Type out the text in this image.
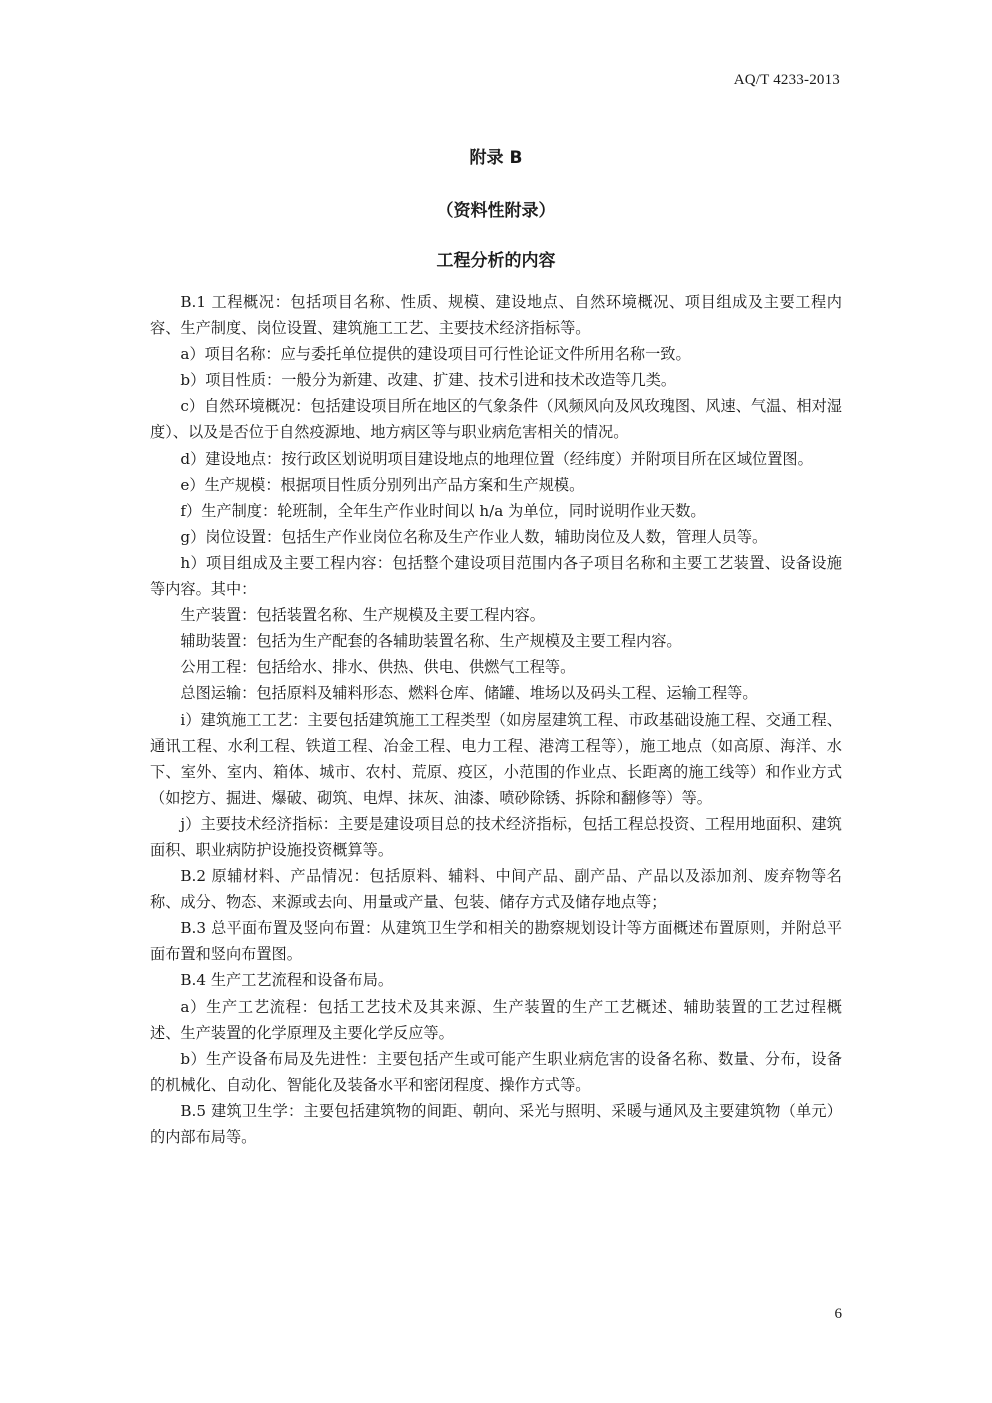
AQ/T 4233-2013
附录 B
（资料性附录）
工程分析的内容

B.1 工程概况：包括项目名称、性质、规模、建设地点、自然环境概况、项目组成及主要工程内容、生产制度、岗位设置、建筑施工工艺、主要技术经济指标等。

a）项目名称：应与委托单位提供的建设项目可行性论证文件所用名称一致。

b）项目性质：一般分为新建、改建、扩建、技术引进和技术改造等几类。

c）自然环境概况：包括建设项目所在地区的气象条件（风频风向及风玫瑰图、风速、气温、相对湿度）、以及是否位于自然疫源地、地方病区等与职业病危害相关的情况。

d）建设地点：按行政区划说明项目建设地点的地理位置（经纬度）并附项目所在区域位置图。

e）生产规模：根据项目性质分别列出产品方案和生产规模。

f）生产制度：轮班制，全年生产作业时间以 h/a 为单位，同时说明作业天数。

g）岗位设置：包括生产作业岗位名称及生产作业人数，辅助岗位及人数，管理人员等。

h）项目组成及主要工程内容：包括整个建设项目范围内各子项目名称和主要工艺装置、设备设施等内容。其中：

生产装置：包括装置名称、生产规模及主要工程内容。

辅助装置：包括为生产配套的各辅助装置名称、生产规模及主要工程内容。

公用工程：包括给水、排水、供热、供电、供燃气工程等。

总图运输：包括原料及辅料形态、燃料仓库、储罐、堆场以及码头工程、运输工程等。

i）建筑施工工艺：主要包括建筑施工工程类型（如房屋建筑工程、市政基础设施工程、交通工程、通讯工程、水利工程、铁道工程、冶金工程、电力工程、港湾工程等），施工地点（如高原、海洋、水下、室外、室内、箱体、城市、农村、荒原、疫区，小范围的作业点、长距离的施工线等）和作业方式（如挖方、掘进、爆破、砌筑、电焊、抹灰、油漆、喷砂除锈、拆除和翻修等）等。

j）主要技术经济指标：主要是建设项目总的技术经济指标，包括工程总投资、工程用地面积、建筑面积、职业病防护设施投资概算等。

B.2 原辅材料、产品情况：包括原料、辅料、中间产品、副产品、产品以及添加剂、废弃物等名称、成分、物态、来源或去向、用量或产量、包装、储存方式及储存地点等；

B.3 总平面布置及竖向布置：从建筑卫生学和相关的勘察规划设计等方面概述布置原则，并附总平面布置和竖向布置图。

B.4 生产工艺流程和设备布局。

a）生产工艺流程：包括工艺技术及其来源、生产装置的生产工艺概述、辅助装置的工艺过程概述、生产装置的化学原理及主要化学反应等。

b）生产设备布局及先进性：主要包括产生或可能产生职业病危害的设备名称、数量、分布，设备的机械化、自动化、智能化及装备水平和密闭程度、操作方式等。

B.5 建筑卫生学：主要包括建筑物的间距、朝向、采光与照明、采暖与通风及主要建筑物（单元）的内部布局等。

6
